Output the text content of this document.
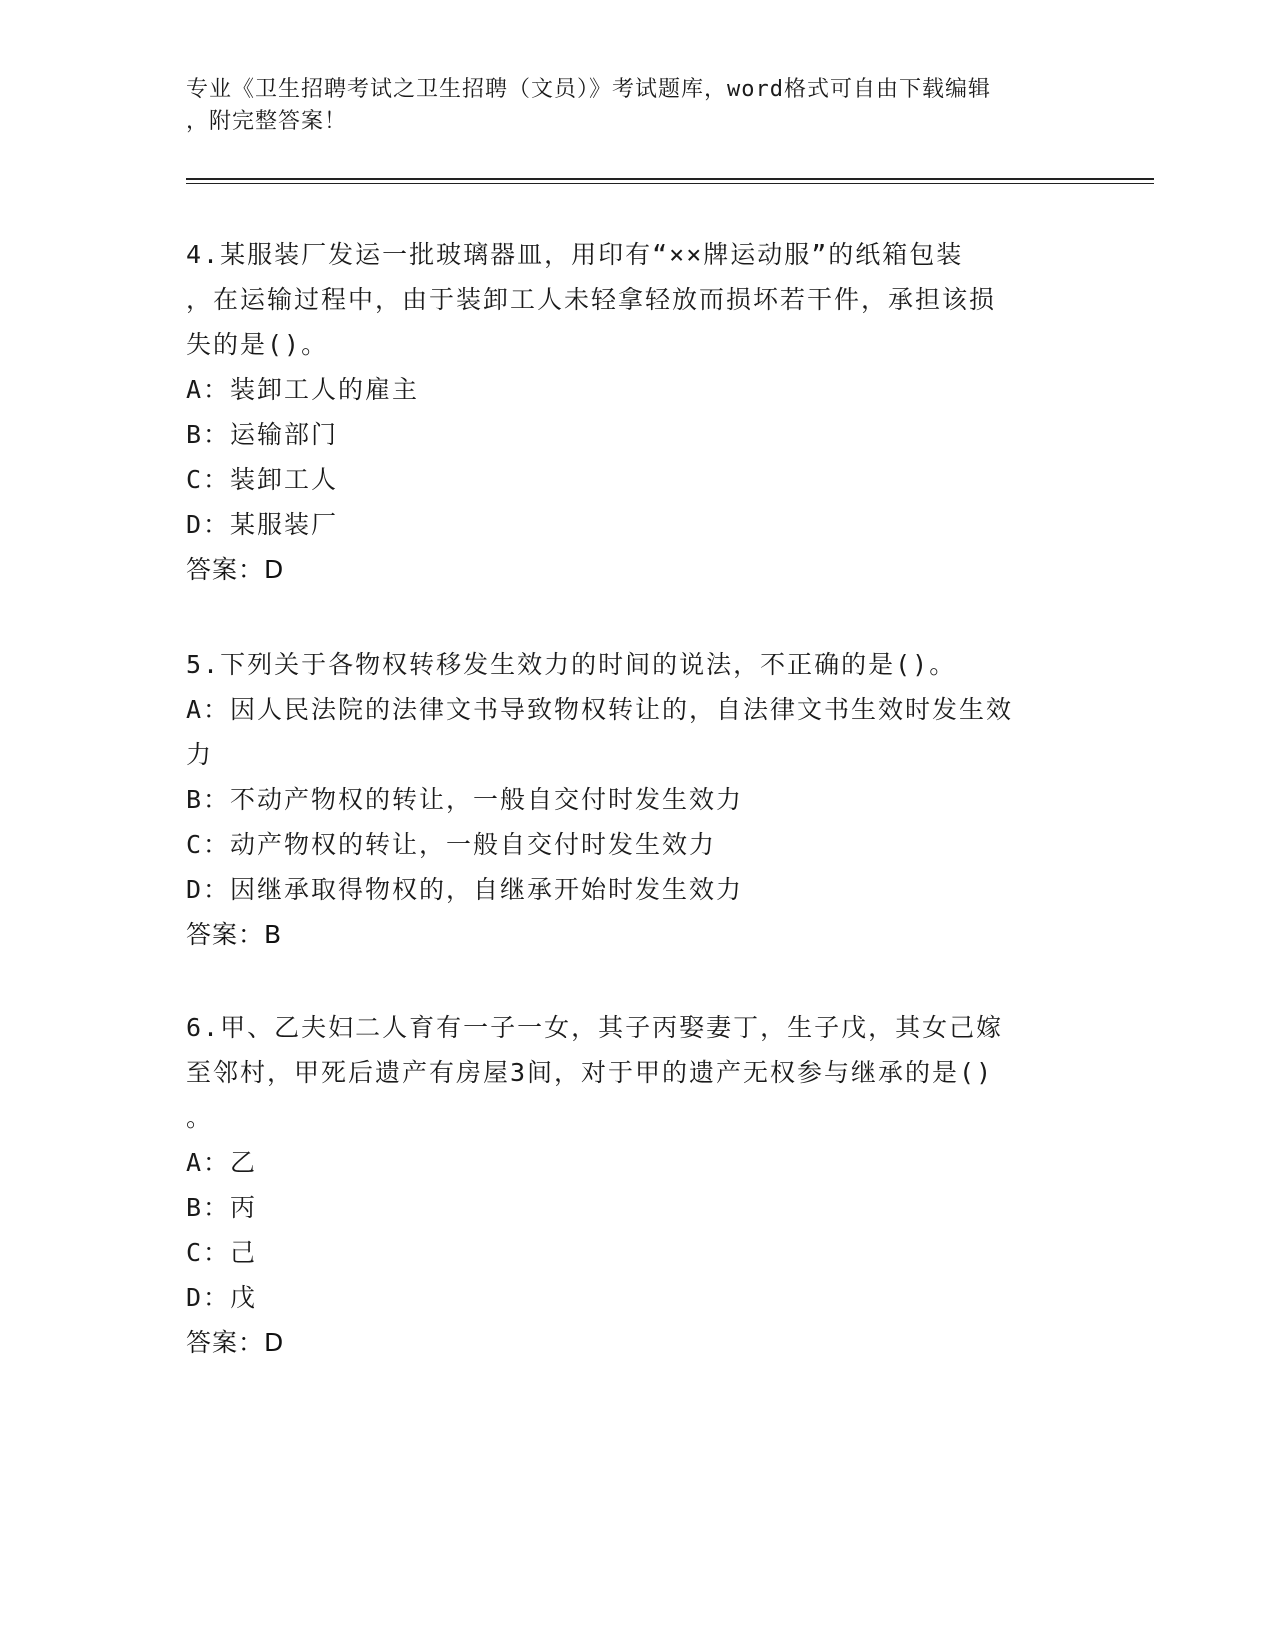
专业《卫生招聘考试之卫生招聘（文员）》考试题库，word格式可自由下载编辑
，附完整答案！

4.某服装厂发运一批玻璃器皿，用印有“××牌运动服”的纸箱包装

，在运输过程中，由于装卸工人未轻拿轻放而损坏若干件，承担该损

失的是()。

A：装卸工人的雇主

B：运输部门

C：装卸工人

D：某服装厂

答案：D

5.下列关于各物权转移发生效力的时间的说法，不正确的是()。

A：因人民法院的法律文书导致物权转让的，自法律文书生效时发生效

力

B：不动产物权的转让，一般自交付时发生效力

C：动产物权的转让，一般自交付时发生效力

D：因继承取得物权的，自继承开始时发生效力

答案：B

6.甲、乙夫妇二人育有一子一女，其子丙娶妻丁，生子戊，其女己嫁

至邻村，甲死后遗产有房屋3间，对于甲的遗产无权参与继承的是()

。

A：乙

B：丙

C：己

D：戊

答案：D
